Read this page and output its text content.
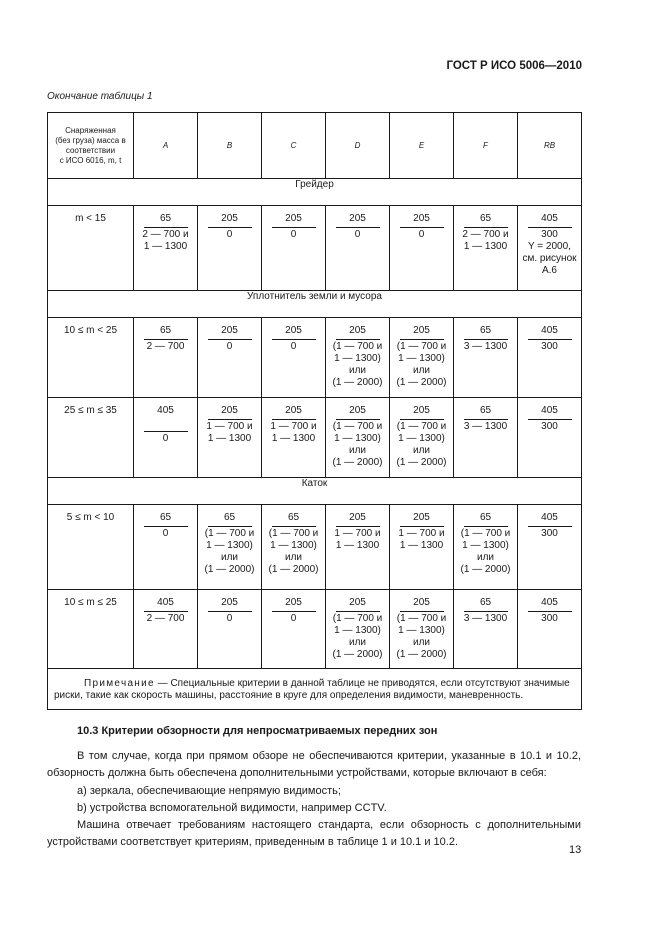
ГОСТ Р ИСО 5006—2010
Окончание таблицы 1
Снаряженная
(без груза) масса в
соответствии
с ИСО 6016, m, t	A	B	C	D	E	F	RB
Грейдер							
m < 15	65
2 — 700 и
1 — 1300	205
0	205
0	205
0	205
0	65
2 — 700 и
1 — 1300	405
300
Y = 2000,
см. рисунок
А.6

Уплотнитель земли и мусора							
10 ≤ m < 25	65
2 — 700	205
0	205
0	205
(1 — 700 и
1 — 1300)
или
(1 — 2000)	205
(1 — 700 и
1 — 1300)
или
(1 — 2000)	65
3 — 1300	405
300

25 ≤ m ≤ 35	405
0	205
1 — 700 и
1 — 1300	205
1 — 700 и
1 — 1300	205
(1 — 700 и
1 — 1300)
или
(1 — 2000)	205
(1 — 700 и
1 — 1300)
или
(1 — 2000)	65
3 — 1300	405
300

Каток							
5 ≤ m < 10	65
0	65
(1 — 700 и
1 — 1300)
или
(1 — 2000)	65
(1 — 700 и
1 — 1300)
или
(1 — 2000)	205
1 — 700 и
1 — 1300	205
1 — 700 и
1 — 1300	65
(1 — 700 и
1 — 1300)
или
(1 — 2000)	405
300

10 ≤ m ≤ 25	405
2 — 700	205
0	205
0	205
(1 — 700 и
1 — 1300)
или
(1 — 2000)	205
(1 — 700 и
1 — 1300)
или
(1 — 2000)	65
3 — 1300	405
300

Примечание — Специальные критерии в данной таблице не приводятся, если отсутствуют значимые риски, такие как скорость машины, расстояние в круге для определения видимости, маневренность.							
10.3 Критерии обзорности для непросматриваемых передних зон

В том случае, когда при прямом обзоре не обеспечиваются критерии, указанные в 10.1 и 10.2, обзорность должна быть обеспечена дополнительными устройствами, которые включают в себя:

a) зеркала, обеспечивающие непрямую видимость;

b) устройства вспомогательной видимости, например CCTV.

Машина отвечает требованиям настоящего стандарта, если обзорность с дополнительными устройствами соответствует критериям, приведенным в таблице 1 и 10.1 и 10.2.

13
